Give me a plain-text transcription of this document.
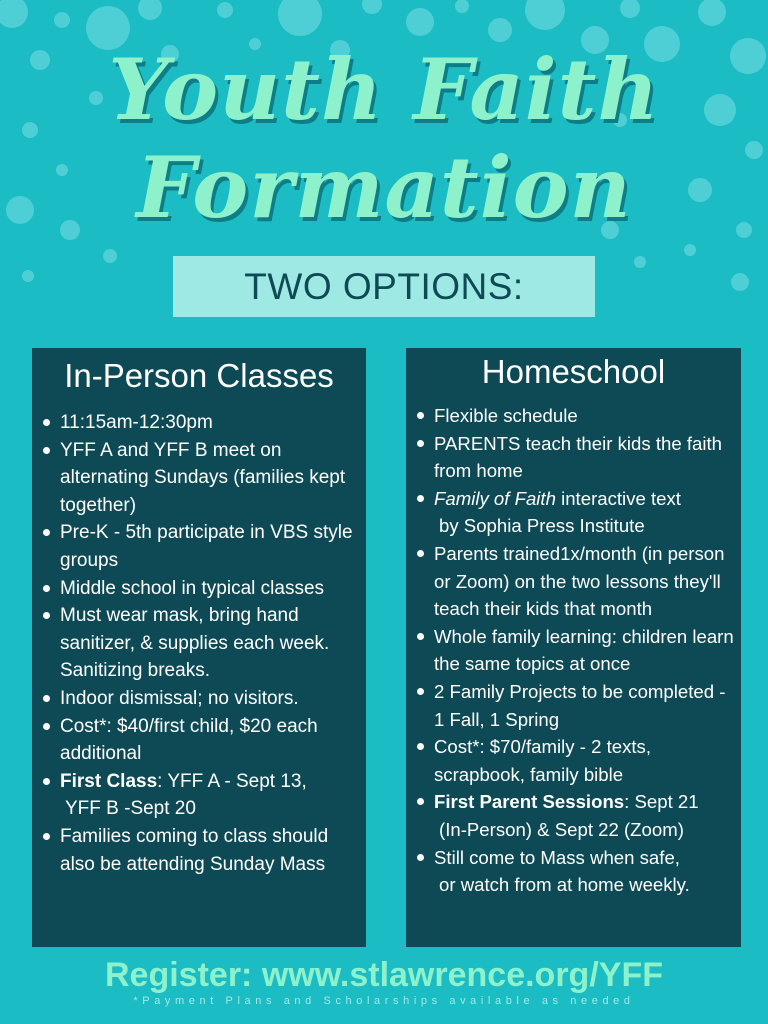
Youth Faith
Formation
TWO OPTIONS:
In-Person Classes
11:15am-12:30pm
YFF A and YFF B meet on alternating Sundays (families kept together)
Pre-K - 5th participate in VBS style groups
Middle school in typical classes
Must wear mask, bring hand sanitizer, & supplies each week. Sanitizing breaks.
Indoor dismissal; no visitors.
Cost*: $40/first child, $20 each additional
First Class: YFF A - Sept 13,
YFF B -Sept 20
Families coming to class should also be attending Sunday Mass
Homeschool
Flexible schedule
PARENTS teach their kids the faith from home
Family of Faith interactive text
by Sophia Press Institute
Parents trained1x/month (in person or Zoom) on the two lessons they'll teach their kids that month
Whole family learning: children learn the same topics at once
2 Family Projects to be completed - 1 Fall, 1 Spring
Cost*: $70/family - 2 texts, scrapbook, family bible
First Parent Sessions: Sept 21
(In-Person) & Sept 22 (Zoom)
Still come to Mass when safe,
or watch from at home weekly.
Register: www.stlawrence.org/YFF
*Payment Plans and Scholarships available as needed
